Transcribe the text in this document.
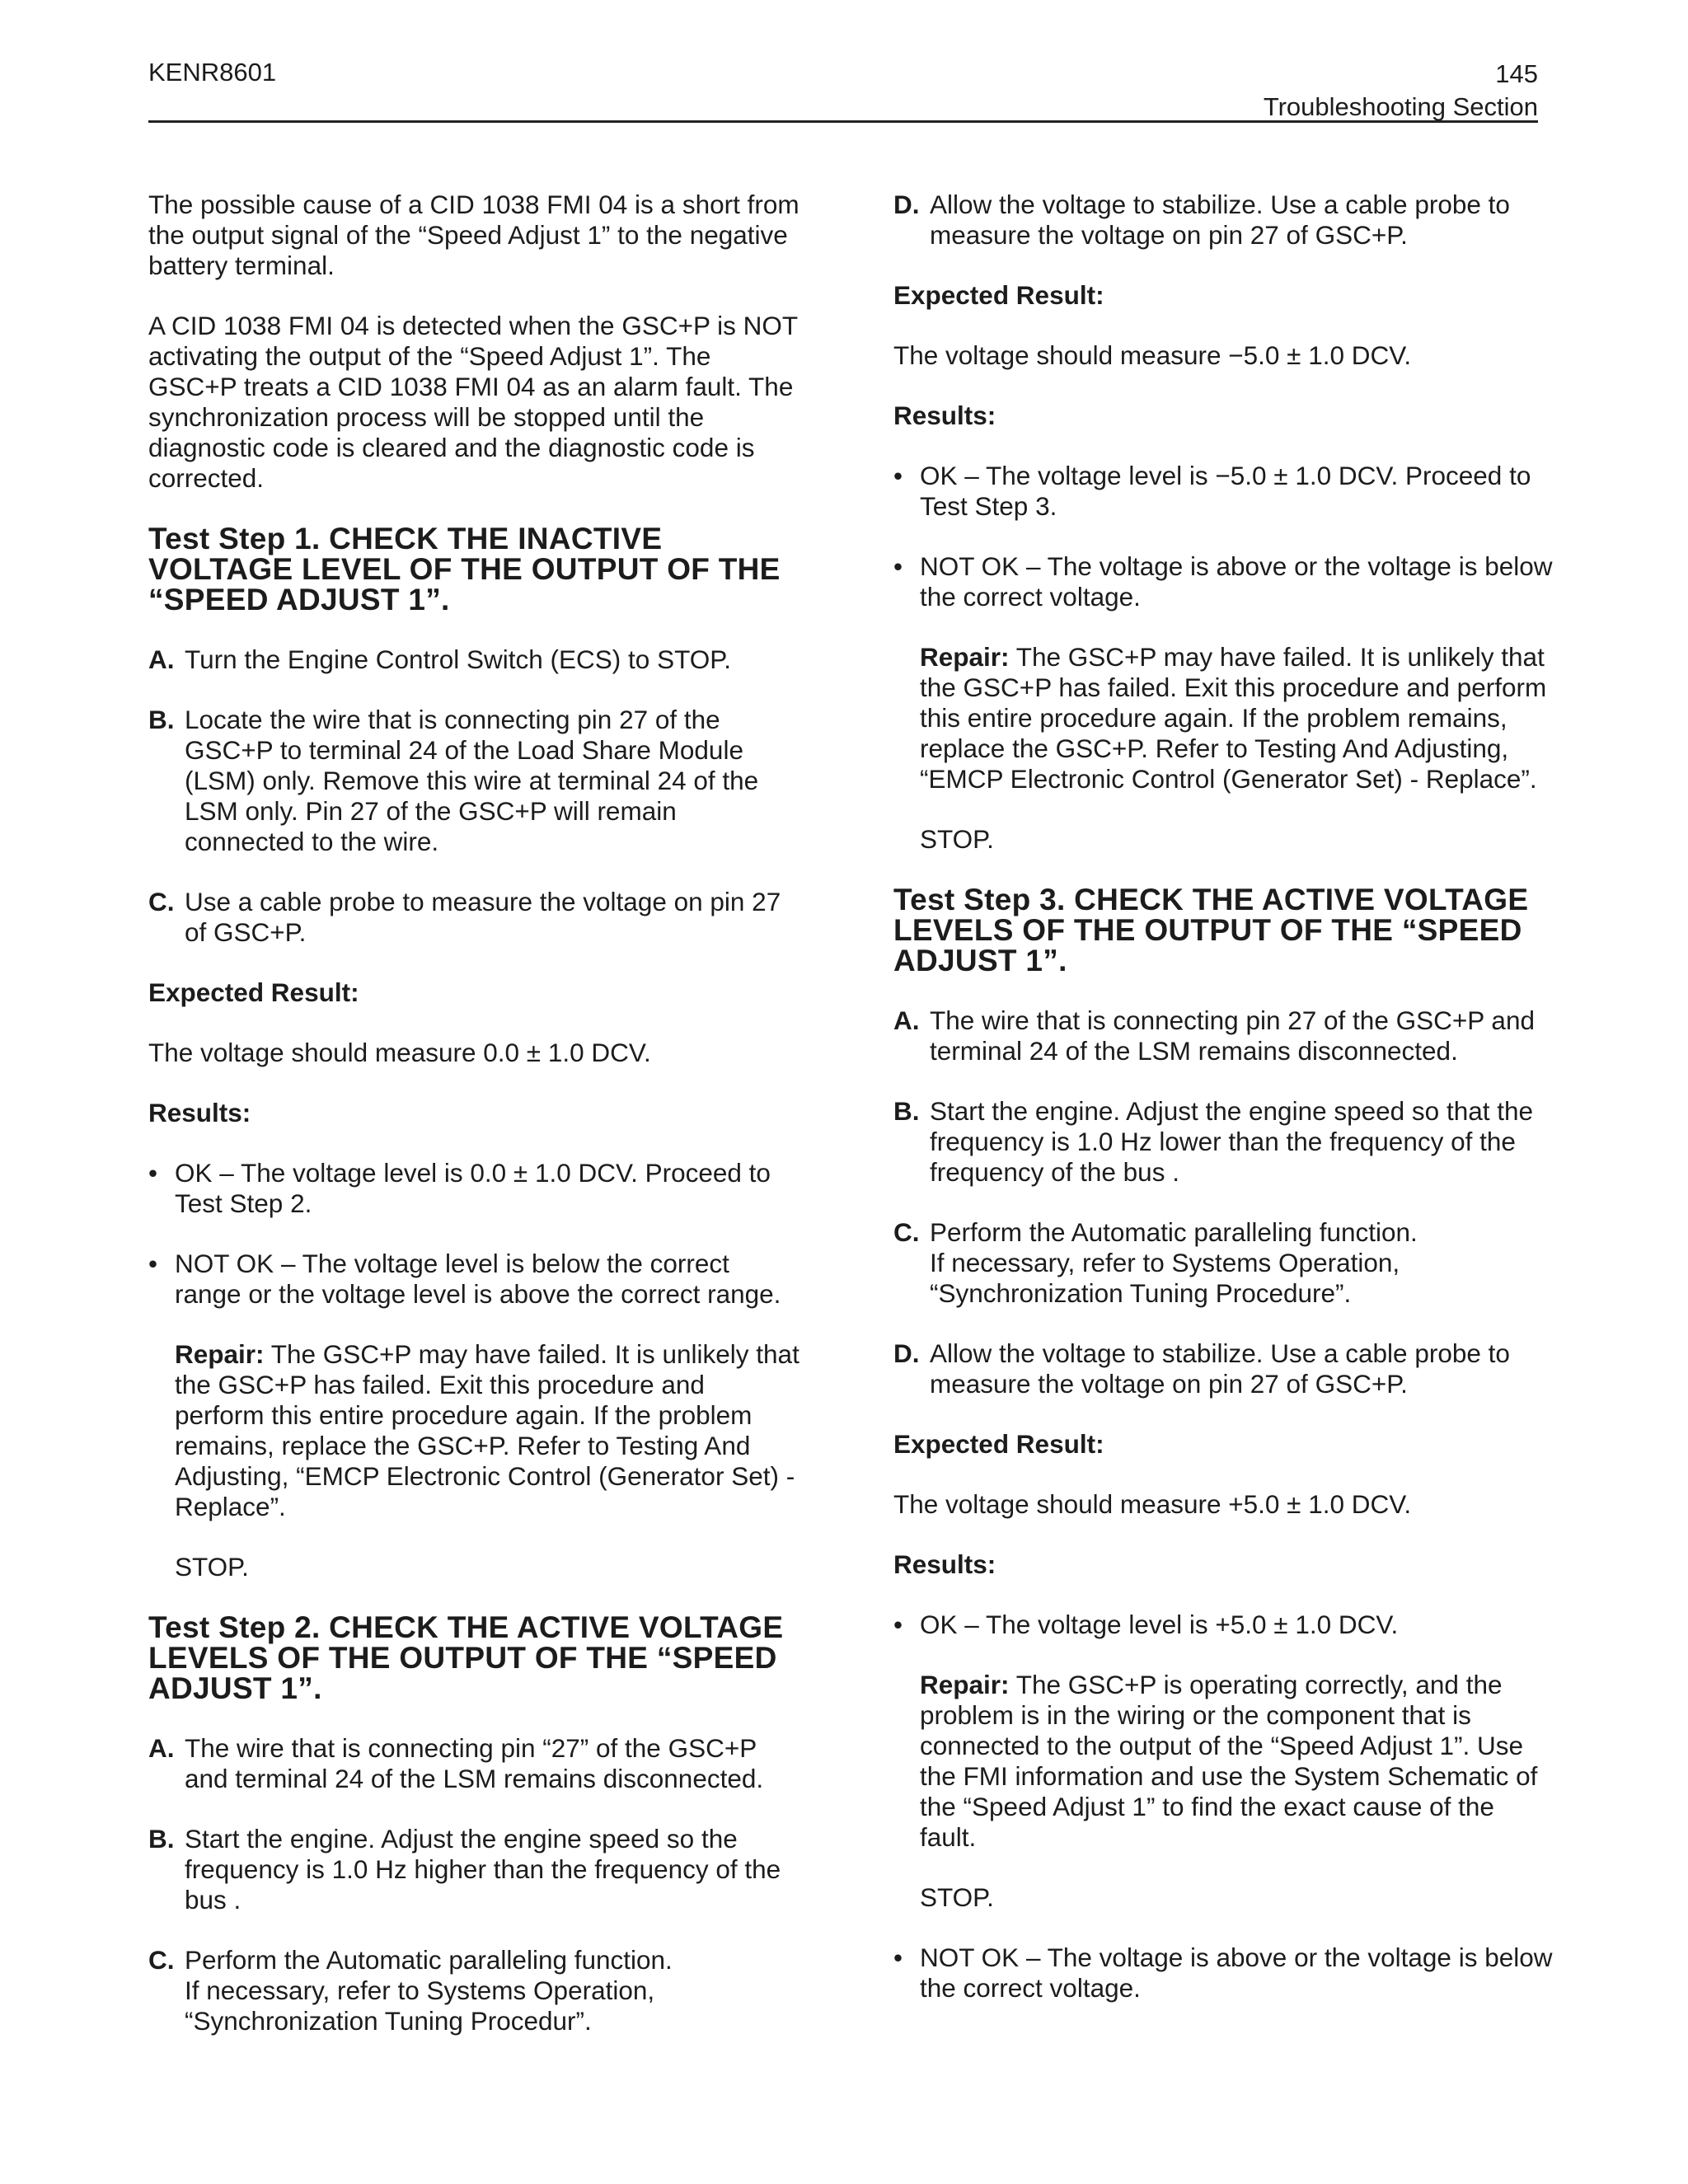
KENR8601	145
Troubleshooting Section

The possible cause of a CID 1038 FMI 04 is a short from the output signal of the “Speed Adjust 1” to the negative battery terminal.

A CID 1038 FMI 04 is detected when the GSC+P is NOT activating the output of the “Speed Adjust 1”. The GSC+P treats a CID 1038 FMI 04 as an alarm fault. The synchronization process will be stopped until the diagnostic code is cleared and the diagnostic code is corrected.

Test Step 1. CHECK THE INACTIVE VOLTAGE LEVEL OF THE OUTPUT OF THE “SPEED ADJUST 1”.
A. Turn the Engine Control Switch (ECS) to STOP.
B. Locate the wire that is connecting pin 27 of the GSC+P to terminal 24 of the Load Share Module (LSM) only. Remove this wire at terminal 24 of the LSM only. Pin 27 of the GSC+P will remain connected to the wire.
C. Use a cable probe to measure the voltage on pin 27 of GSC+P.
Expected Result:

The voltage should measure 0.0 ± 1.0 DCV.

Results:
• OK – The voltage level is 0.0 ± 1.0 DCV. Proceed to Test Step 2.
• NOT OK – The voltage level is below the correct range or the voltage level is above the correct range.
Repair: The GSC+P may have failed. It is unlikely that the GSC+P has failed. Exit this procedure and perform this entire procedure again. If the problem remains, replace the GSC+P. Refer to Testing And Adjusting, “EMCP Electronic Control (Generator Set) - Replace”.
STOP.
Test Step 2. CHECK THE ACTIVE VOLTAGE LEVELS OF THE OUTPUT OF THE “SPEED ADJUST 1”.
A. The wire that is connecting pin “27” of the GSC+P and terminal 24 of the LSM remains disconnected.
B. Start the engine. Adjust the engine speed so the frequency is 1.0 Hz higher than the frequency of the bus .
C. Perform the Automatic paralleling function.
If necessary, refer to Systems Operation, “Synchronization Tuning Procedur”.
D. Allow the voltage to stabilize. Use a cable probe to measure the voltage on pin 27 of GSC+P.
Expected Result:

The voltage should measure −5.0 ± 1.0 DCV.

Results:
• OK – The voltage level is −5.0 ± 1.0 DCV. Proceed to Test Step 3.
• NOT OK – The voltage is above or the voltage is below the correct voltage.
Repair: The GSC+P may have failed. It is unlikely that the GSC+P has failed. Exit this procedure and perform this entire procedure again. If the problem remains, replace the GSC+P. Refer to Testing And Adjusting, “EMCP Electronic Control (Generator Set) - Replace”.
STOP.
Test Step 3. CHECK THE ACTIVE VOLTAGE LEVELS OF THE OUTPUT OF THE “SPEED ADJUST 1”.
A. The wire that is connecting pin 27 of the GSC+P and terminal 24 of the LSM remains disconnected.
B. Start the engine. Adjust the engine speed so that the frequency is 1.0 Hz lower than the frequency of the frequency of the bus .
C. Perform the Automatic paralleling function.
If necessary, refer to Systems Operation, “Synchronization Tuning Procedure”.
D. Allow the voltage to stabilize. Use a cable probe to measure the voltage on pin 27 of GSC+P.
Expected Result:

The voltage should measure +5.0 ± 1.0 DCV.

Results:
• OK – The voltage level is +5.0 ± 1.0 DCV.
Repair: The GSC+P is operating correctly, and the problem is in the wiring or the component that is connected to the output of the “Speed Adjust 1”. Use the FMI information and use the System Schematic of the “Speed Adjust 1” to find the exact cause of the fault.
STOP.
• NOT OK – The voltage is above or the voltage is below the correct voltage.
